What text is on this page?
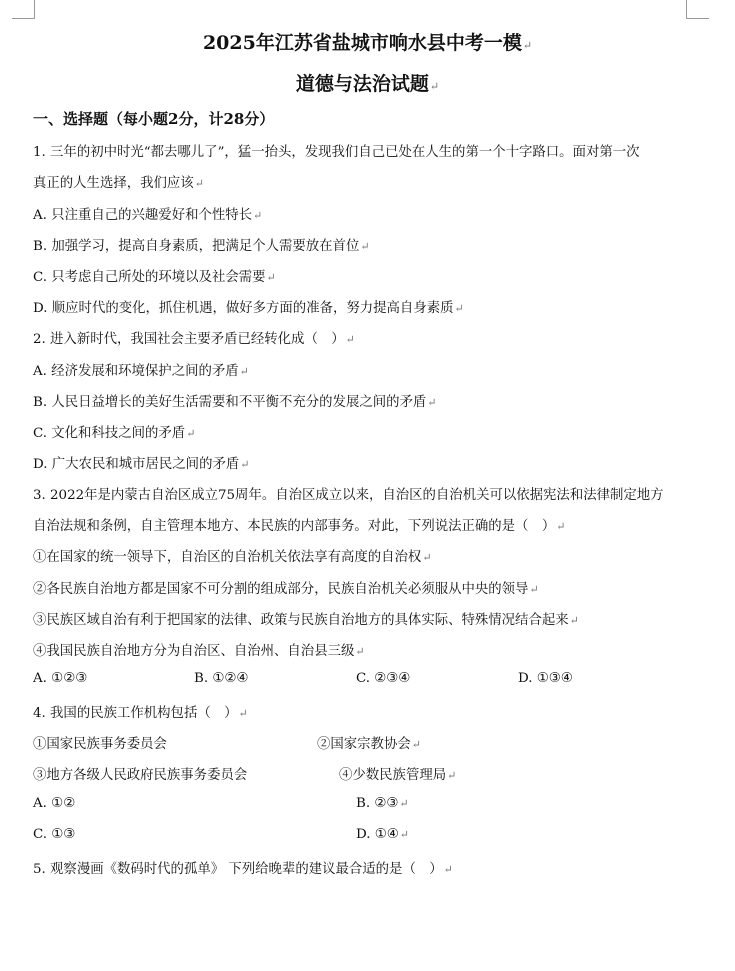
2025年江苏省盐城市响水县中考一模↵
道德与法治试题↵
一、选择题（每小题2分，计28分）
1. 三年的初中时光“都去哪儿了”，猛一抬头，发现我们自己已处在人生的第一个十字路口。面对第一次
真正的人生选择，我们应该↵
A. 只注重自己的兴趣爱好和个性特长↵
B. 加强学习，提高自身素质，把满足个人需要放在首位↵
C. 只考虑自己所处的环境以及社会需要↵
D. 顺应时代的变化，抓住机遇，做好多方面的准备，努力提高自身素质↵
2. 进入新时代，我国社会主要矛盾已经转化成（　）↵
A. 经济发展和环境保护之间的矛盾↵
B. 人民日益增长的美好生活需要和不平衡不充分的发展之间的矛盾↵
C. 文化和科技之间的矛盾↵
D. 广大农民和城市居民之间的矛盾↵
3. 2022年是内蒙古自治区成立75周年。自治区成立以来，自治区的自治机关可以依据宪法和法律制定地方
自治法规和条例，自主管理本地方、本民族的内部事务。对此，下列说法正确的是（　）↵
①在国家的统一领导下，自治区的自治机关依法享有高度的自治权↵
②各民族自治地方都是国家不可分割的组成部分，民族自治机关必须服从中央的领导↵
③民族区域自治有利于把国家的法律、政策与民族自治地方的具体实际、特殊情况结合起来↵
④我国民族自治地方分为自治区、自治州、自治县三级↵
A. ①②③	B. ①②④	C. ②③④	D. ①③④
4. 我国的民族工作机构包括（　）↵
①国家民族事务委员会	②国家宗教协会↵
③地方各级人民政府民族事务委员会	④少数民族管理局↵
A. ①②	B. ②③↵
C. ①③	D. ①④↵
5. 观察漫画《数码时代的孤单》 下列给晚辈的建议最合适的是（　）↵
